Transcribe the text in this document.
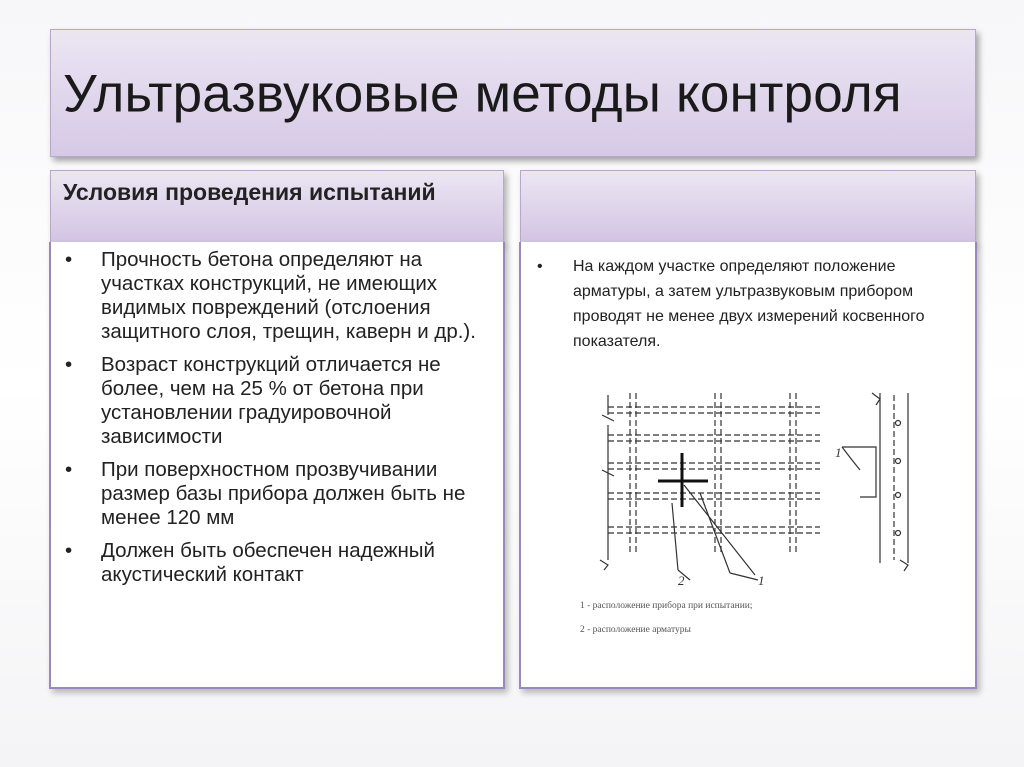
Ультразвуковые методы контроля
Условия проведения испытаний
• Прочность бетона определяют на участках конструкций, не имеющих видимых повреждений (отслоения защитного слоя, трещин, каверн и др.).
• Возраст конструкций отличается не более, чем на 25 % от бетона при установлении градуировочной зависимости
• При поверхностном прозвучивании размер базы прибора должен быть не менее 120 мм
• Должен быть обеспечен надежный акустический контакт
• На каждом участке определяют положение арматуры, а затем ультразвуковым прибором проводят не менее двух измерений косвенного показателя.
2	1
1
1 - расположение прибора при испытании;
2 - расположение арматуры
